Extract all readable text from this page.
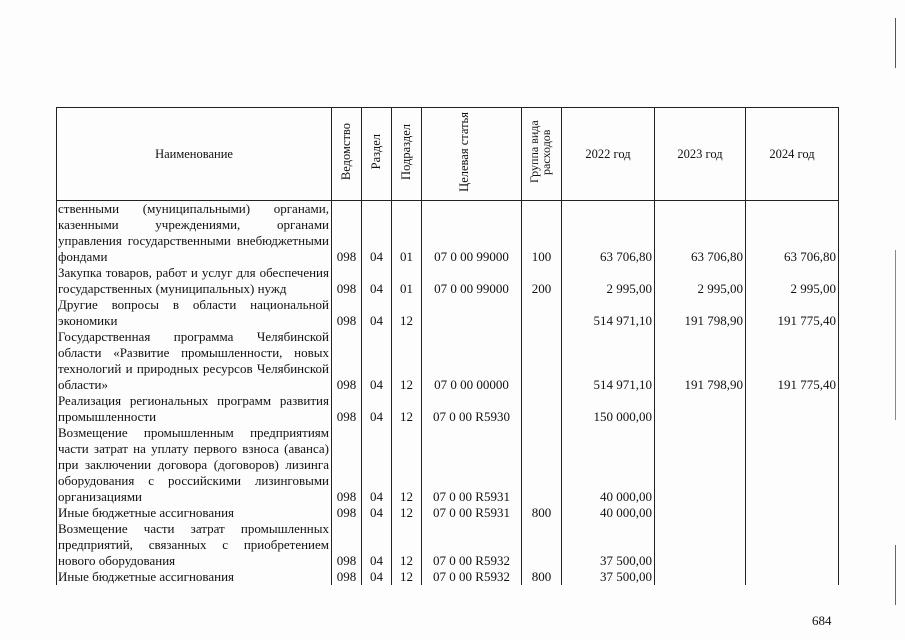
Наименование	Ведомство	Раздел	Подраздел	Целевая статья	Группа вида расходов	2022 год	2023 год	2024 год
ственными (муниципальными) органами, казенными учреждениями, органами управления государственными внебюджетными фондами	098	04	01	07 0 00 99000	100	63 706,80	63 706,80	63 706,80
Закупка товаров, работ и услуг для обеспечения государственных (муниципальных) нужд	098	04	01	07 0 00 99000	200	2 995,00	2 995,00	2 995,00
Другие вопросы в области национальной экономики	098	04	12			514 971,10	191 798,90	191 775,40
Государственная программа Челябинской области «Развитие промышленности, новых технологий и природных ресурсов Челябинской области»	098	04	12	07 0 00 00000		514 971,10	191 798,90	191 775,40
Реализация региональных программ развития промышленности	098	04	12	07 0 00 R5930		150 000,00		
Возмещение промышленным предприятиям части затрат на уплату первого взноса (аванса) при заключении договора (договоров) лизинга оборудования с российскими лизинговыми организациями	098	04	12	07 0 00 R5931		40 000,00		
Иные бюджетные ассигнования	098	04	12	07 0 00 R5931	800	40 000,00		
Возмещение части затрат промышленных предприятий, связанных с приобретением нового оборудования	098	04	12	07 0 00 R5932		37 500,00		
Иные бюджетные ассигнования	098	04	12	07 0 00 R5932	800	37 500,00		
684
